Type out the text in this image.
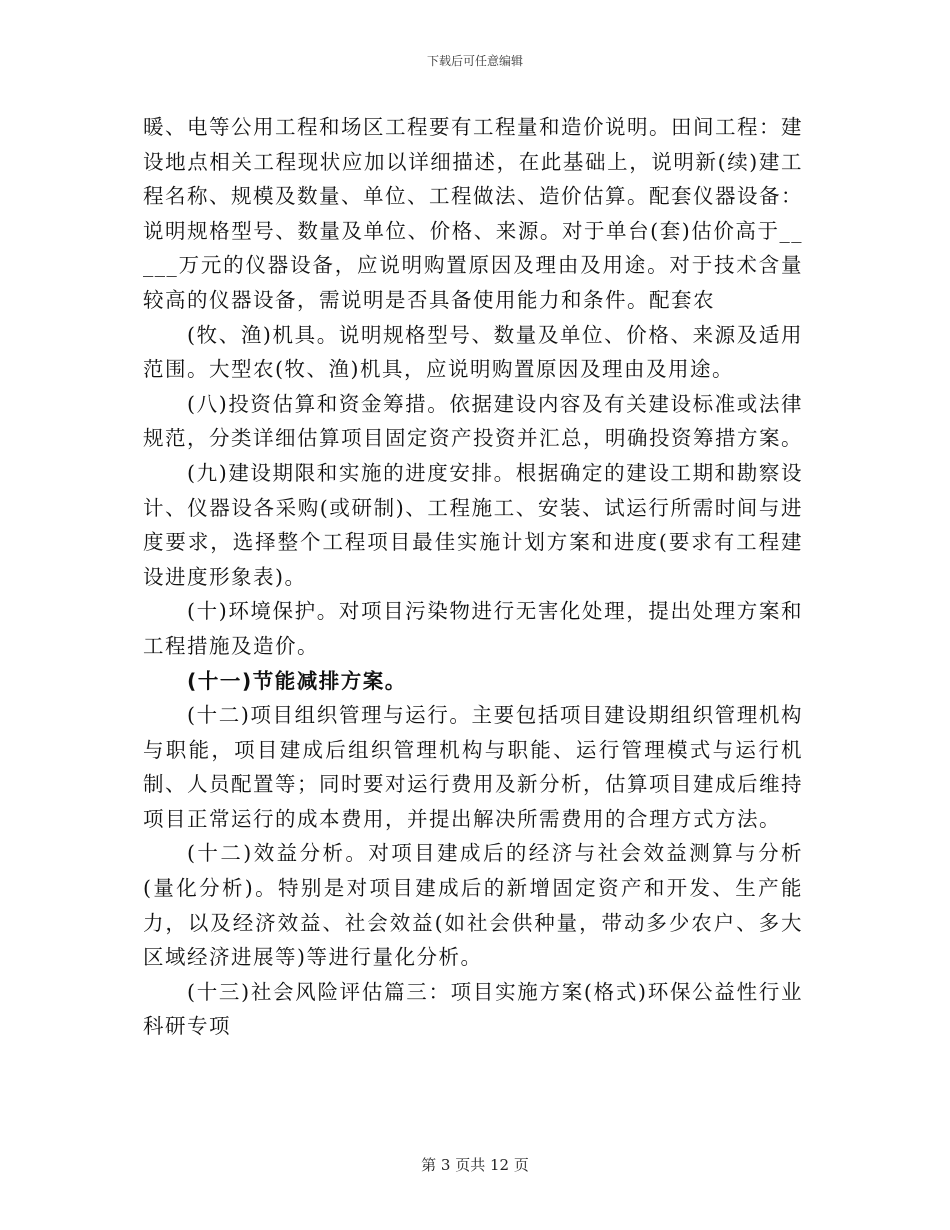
下载后可任意编辑

暖、电等公用工程和场区工程要有工程量和造价说明。田间工程：建设地点相关工程现状应加以详细描述，在此基础上，说明新(续)建工程名称、规模及数量、单位、工程做法、造价估算。配套仪器设备：说明规格型号、数量及单位、价格、来源。对于单台(套)估价高于_____万元的仪器设备，应说明购置原因及理由及用途。对于技术含量较高的仪器设备，需说明是否具备使用能力和条件。配套农

(牧、渔)机具。说明规格型号、数量及单位、价格、来源及适用范围。大型农(牧、渔)机具，应说明购置原因及理由及用途。

(八)投资估算和资金筹措。依据建设内容及有关建设标准或法律规范，分类详细估算项目固定资产投资并汇总，明确投资筹措方案。

(九)建设期限和实施的进度安排。根据确定的建设工期和勘察设计、仪器设各采购(或研制)、工程施工、安装、试运行所需时间与进度要求，选择整个工程项目最佳实施计划方案和进度(要求有工程建设进度形象表)。

(十)环境保护。对项目污染物进行无害化处理，提出处理方案和工程措施及造价。

(十一)节能减排方案。

(十二)项目组织管理与运行。主要包括项目建设期组织管理机构与职能，项目建成后组织管理机构与职能、运行管理模式与运行机制、人员配置等；同时要对运行费用及新分析，估算项目建成后维持项目正常运行的成本费用，并提出解决所需费用的合理方式方法。

(十二)效益分析。对项目建成后的经济与社会效益测算与分析(量化分析)。特别是对项目建成后的新增固定资产和开发、生产能力，以及经济效益、社会效益(如社会供种量，带动多少农户、多大区域经济进展等)等进行量化分析。

(十三)社会风险评估篇三：项目实施方案(格式)环保公益性行业科研专项

第 3 页共 12 页
